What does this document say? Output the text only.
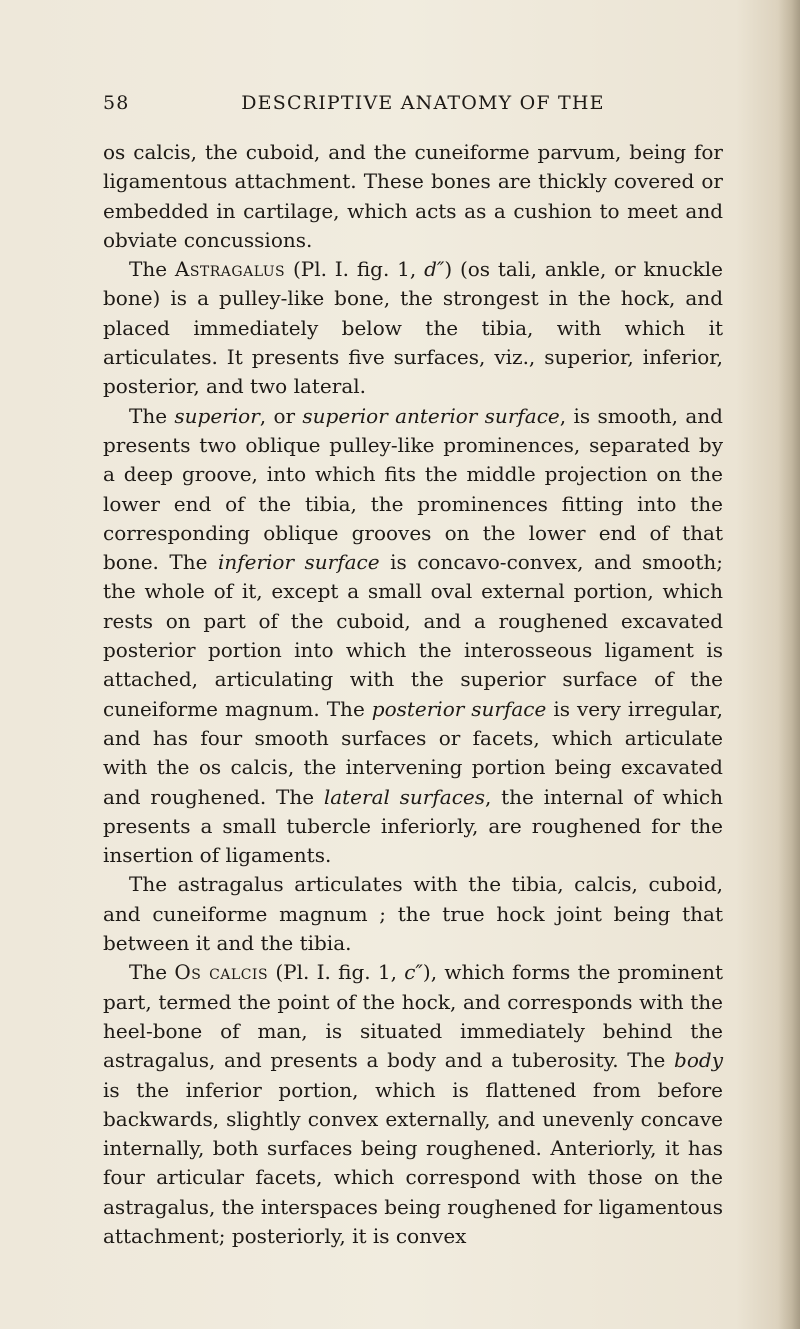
58	DESCRIPTIVE ANATOMY OF THE

os calcis, the cuboid, and the cuneiforme parvum, being for ligamentous attachment. These bones are thickly covered or embedded in cartilage, which acts as a cushion to meet and obviate concussions.

The Astragalus (Pl. I. fig. 1, d″) (os tali, ankle, or knuckle bone) is a pulley-like bone, the strongest in the hock, and placed immediately below the tibia, with which it articulates. It presents five surfaces, viz., superior, inferior, posterior, and two lateral.

The superior, or superior anterior surface, is smooth, and presents two oblique pulley-like prominences, separated by a deep groove, into which fits the middle projection on the lower end of the tibia, the prominences fitting into the corresponding oblique grooves on the lower end of that bone. The inferior surface is concavo-convex, and smooth; the whole of it, except a small oval external portion, which rests on part of the cuboid, and a roughened excavated posterior portion into which the interosseous ligament is attached, articulating with the superior surface of the cuneiforme magnum. The posterior surface is very irregular, and has four smooth surfaces or facets, which articulate with the os calcis, the intervening portion being excavated and roughened. The lateral surfaces, the internal of which presents a small tubercle inferiorly, are roughened for the insertion of ligaments.

The astragalus articulates with the tibia, calcis, cuboid, and cuneiforme magnum ; the true hock joint being that between it and the tibia.

The Os calcis (Pl. I. fig. 1, c″), which forms the prominent part, termed the point of the hock, and corresponds with the heel-bone of man, is situated immediately behind the astragalus, and presents a body and a tuberosity. The body is the inferior portion, which is flattened from before backwards, slightly convex externally, and unevenly concave internally, both surfaces being roughened. Anteriorly, it has four articular facets, which correspond with those on the astragalus, the interspaces being roughened for ligamentous attachment; posteriorly, it is convex
